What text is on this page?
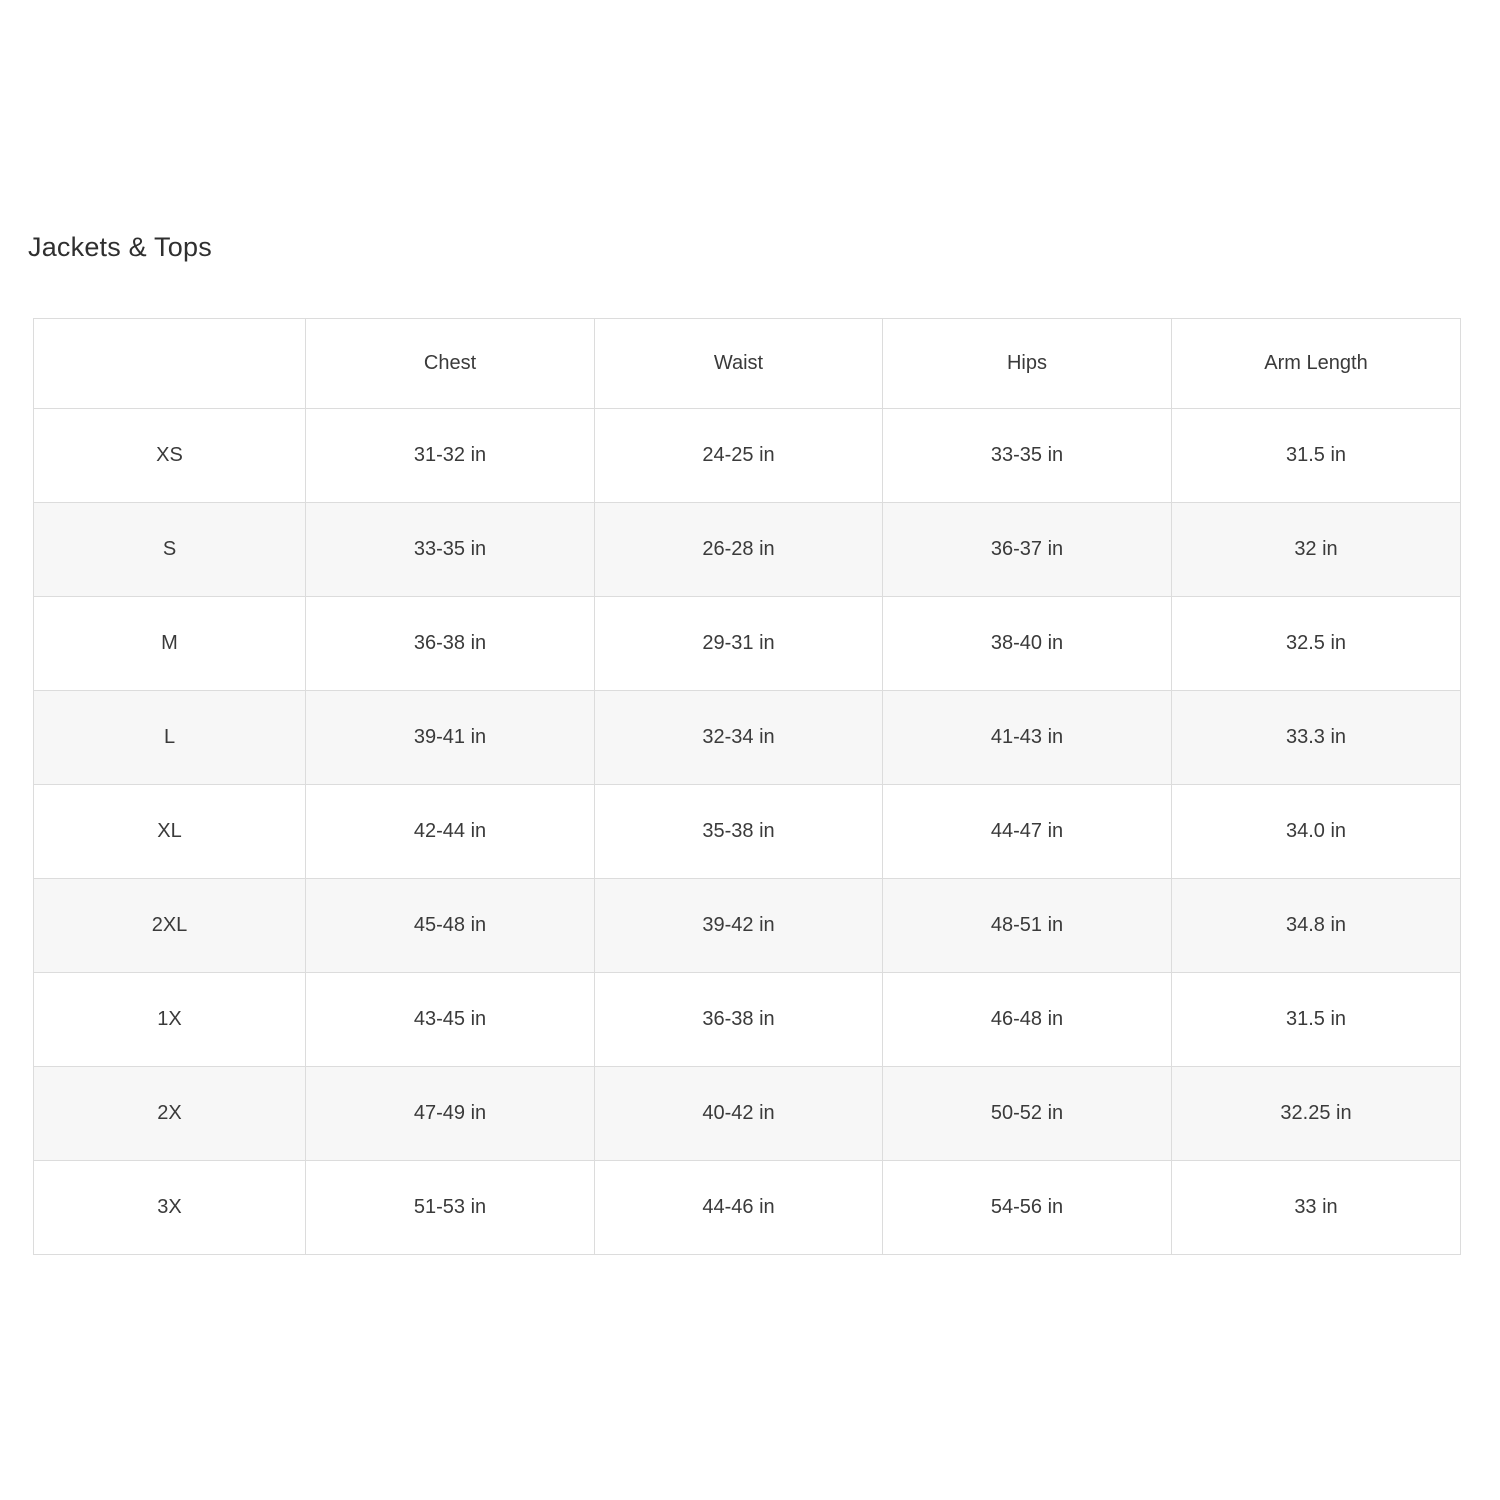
Jackets & Tops
	Chest	Waist	Hips	Arm Length
XS	31-32 in	24-25 in	33-35 in	31.5 in
S	33-35 in	26-28 in	36-37 in	32 in
M	36-38 in	29-31 in	38-40 in	32.5 in
L	39-41 in	32-34 in	41-43 in	33.3 in
XL	42-44 in	35-38 in	44-47 in	34.0 in
2XL	45-48 in	39-42 in	48-51 in	34.8 in
1X	43-45 in	36-38 in	46-48 in	31.5 in
2X	47-49 in	40-42 in	50-52 in	32.25 in
3X	51-53 in	44-46 in	54-56 in	33 in
